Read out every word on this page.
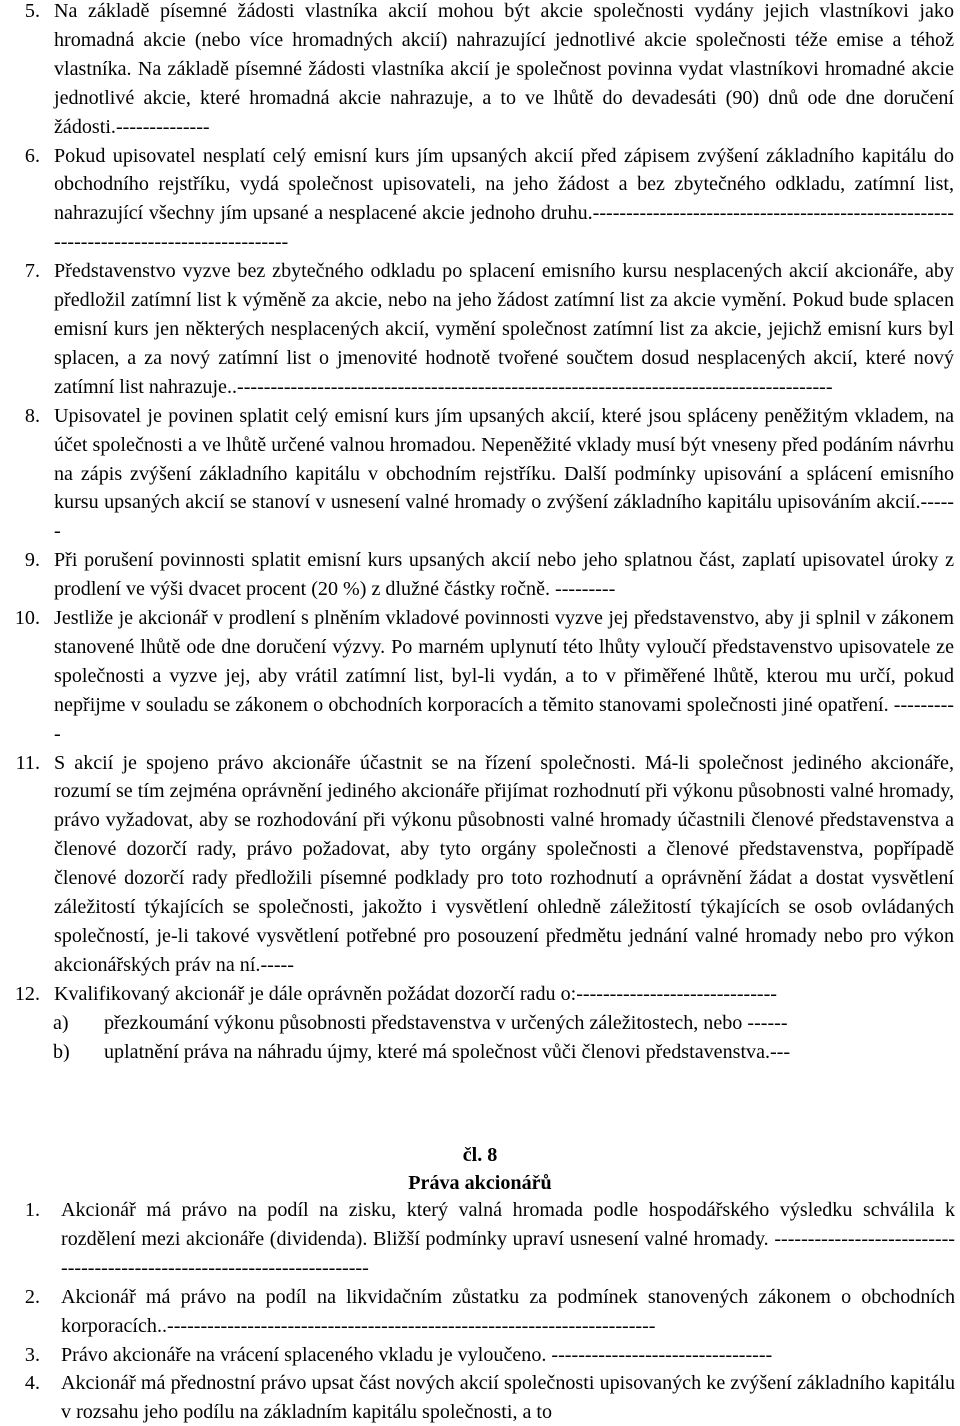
5. Na základě písemné žádosti vlastníka akcií mohou být akcie společnosti vydány jejich vlastníkovi jako hromadná akcie (nebo více hromadných akcií) nahrazující jednotlivé akcie společnosti téže emise a téhož vlastníka. Na základě písemné žádosti vlastníka akcií je společnost povinna vydat vlastníkovi hromadné akcie jednotlivé akcie, které hromadná akcie nahrazuje, a to ve lhůtě do devadesáti (90) dnů ode dne doručení žádosti.--------------
6. Pokud upisovatel nesplatí celý emisní kurs jím upsaných akcií před zápisem zvýšení základního kapitálu do obchodního rejstříku, vydá společnost upisovateli, na jeho žádost a bez zbytečného odkladu, zatímní list, nahrazující všechny jím upsané a nesplacené akcie jednoho druhu.-----------------------------------------------------------------------------------------
7. Představenstvo vyzve bez zbytečného odkladu po splacení emisního kursu nesplacených akcií akcionáře, aby předložil zatímní list k výměně za akcie, nebo na jeho žádost zatímní list za akcie vymění. Pokud bude splacen emisní kurs jen některých nesplacených akcií, vymění společnost zatímní list za akcie, jejichž emisní kurs byl splacen, a za nový zatímní list o jmenovité hodnotě tvořené součtem dosud nesplacených akcií, které nový zatímní list nahrazuje..-----------------------------------------------------------------------------------------
8. Upisovatel je povinen splatit celý emisní kurs jím upsaných akcií, které jsou spláceny peněžitým vkladem, na účet společnosti a ve lhůtě určené valnou hromadou. Nepeněžité vklady musí být vneseny před podáním návrhu na zápis zvýšení základního kapitálu v obchodním rejstříku. Další podmínky upisování a splácení emisního kursu upsaných akcií se stanoví v usnesení valné hromady o zvýšení základního kapitálu upisováním akcií.------
9. Při porušení povinnosti splatit emisní kurs upsaných akcií nebo jeho splatnou část, zaplatí upisovatel úroky z prodlení ve výši dvacet procent (20 %) z dlužné částky ročně. ---------
10. Jestliže je akcionář v prodlení s plněním vkladové povinnosti vyzve jej představenstvo, aby ji splnil v zákonem stanovené lhůtě ode dne doručení výzvy. Po marném uplynutí této lhůty vyloučí představenstvo upisovatele ze společnosti a vyzve jej, aby vrátil zatímní list, byl-li vydán, a to v přiměřené lhůtě, kterou mu určí, pokud nepřijme v souladu se zákonem o obchodních korporacích a těmito stanovami společnosti jiné opatření. ----------
11. S akcií je spojeno právo akcionáře účastnit se na řízení společnosti. Má-li společnost jediného akcionáře, rozumí se tím zejména oprávnění jediného akcionáře přijímat rozhodnutí při výkonu působnosti valné hromady, právo vyžadovat, aby se rozhodování při výkonu působnosti valné hromady účastnili členové představenstva a členové dozorčí rady, právo požadovat, aby tyto orgány společnosti a členové představenstva, popřípadě členové dozorčí rady předložili písemné podklady pro toto rozhodnutí a oprávnění žádat a dostat vysvětlení záležitostí týkajících se společnosti, jakožto i vysvětlení ohledně záležitostí týkajících se osob ovládaných společností, je-li takové vysvětlení potřebné pro posouzení předmětu jednání valné hromady nebo pro výkon akcionářských práv na ní.-----
12. Kvalifikovaný akcionář je dále oprávněn požádat dozorčí radu o:------------------------------
a) přezkoumání výkonu působnosti představenstva v určených záležitostech, nebo ------
b) uplatnění práva na náhradu újmy, které má společnost vůči členovi představenstva.---
čl. 8
Práva akcionářů
1. Akcionář má právo na podíl na zisku, který valná hromada podle hospodářského výsledku schválila k rozdělení mezi akcionáře (dividenda). Bližší podmínky upraví usnesení valné hromady. -------------------------------------------------------------------------
2. Akcionář má právo na podíl na likvidačním zůstatku za podmínek stanovených zákonem o obchodních korporacích..-------------------------------------------------------------------------
3. Právo akcionáře na vrácení splaceného vkladu je vyloučeno. ---------------------------------
4. Akcionář má přednostní právo upsat část nových akcií společnosti upisovaných ke zvýšení základního kapitálu v rozsahu jeho podílu na základním kapitálu společnosti, a to
